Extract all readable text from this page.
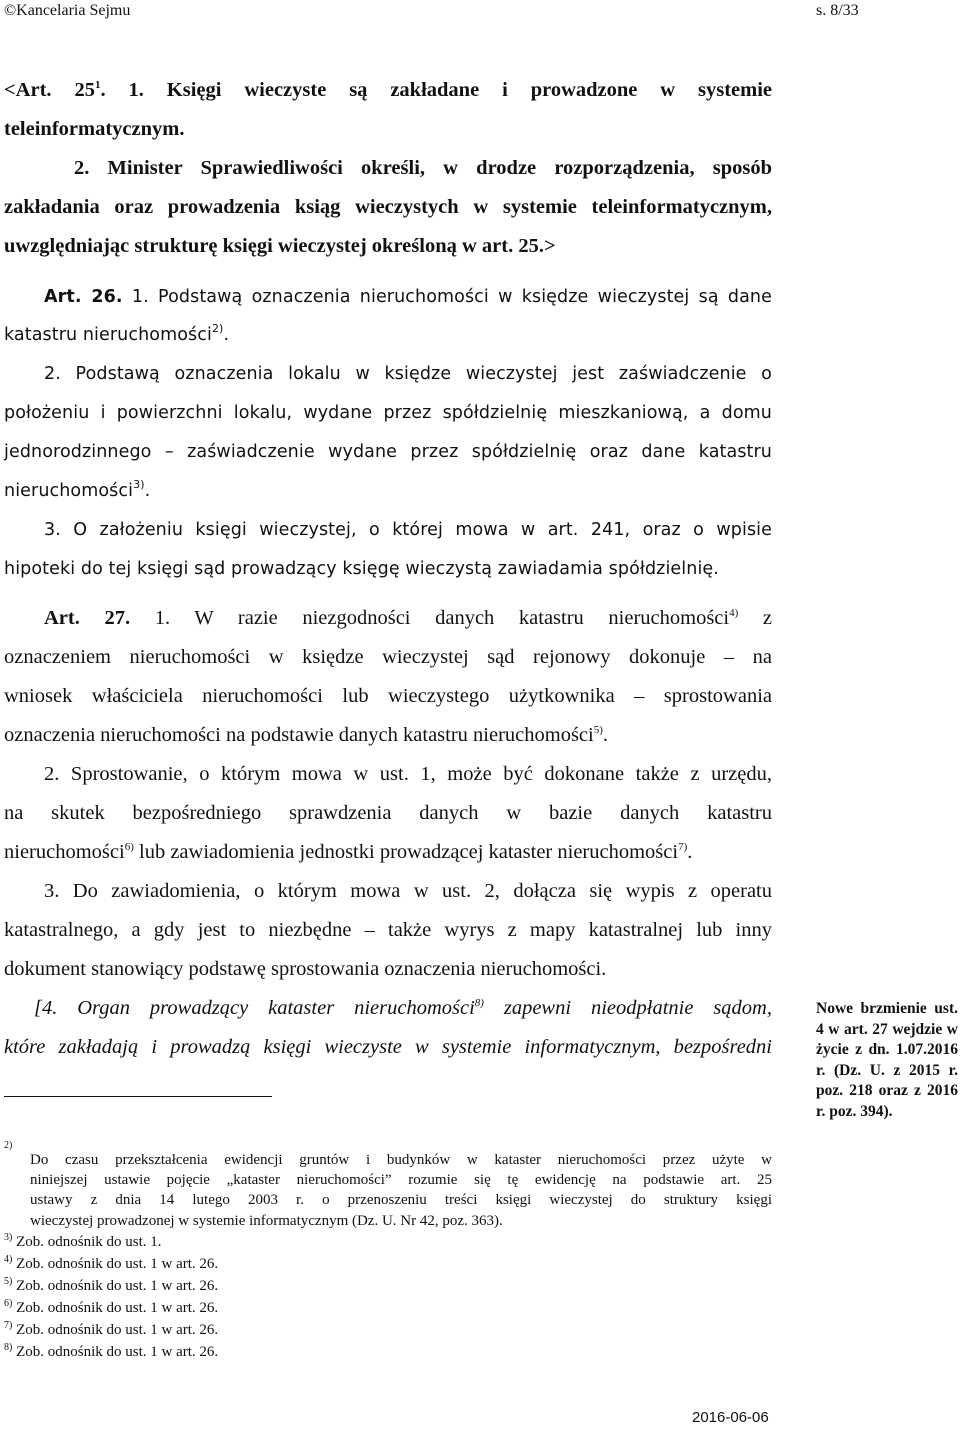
©Kancelaria Sejmu	s. 8/33
<Art. $25^1$. 1. Księgi wieczyste są zakładane i prowadzone w systemie
teleinformatycznym.
2. Minister Sprawiedliwości określi, w drodze rozporządzenia, sposób
zakładania oraz prowadzenia ksiąg wieczystych w systemie teleinformatycznym,
uwzględniając strukturę księgi wieczystej określoną w art. 25.>
Art. 26. 1. Podstawą oznaczenia nieruchomości w księdze wieczystej są dane
katastru nieruchomości$^{2)}$.
2. Podstawą oznaczenia lokalu w księdze wieczystej jest zaświadczenie o
położeniu i powierzchni lokalu, wydane przez spółdzielnię mieszkaniową, a domu
jednorodzinnego – zaświadczenie wydane przez spółdzielnię oraz dane katastru
nieruchomości$^{3)}$.
3. O założeniu księgi wieczystej, o której mowa w art. 241, oraz o wpisie
hipoteki do tej księgi sąd prowadzący księgę wieczystą zawiadamia spółdzielnię.
Art. 27. 1. W razie niezgodności danych katastru nieruchomości$^{4)}$ z
oznaczeniem nieruchomości w księdze wieczystej sąd rejonowy dokonuje – na
wniosek właściciela nieruchomości lub wieczystego użytkownika – sprostowania
oznaczenia nieruchomości na podstawie danych katastru nieruchomości$^{5)}$.
2. Sprostowanie, o którym mowa w ust. 1, może być dokonane także z urzędu,
na skutek bezpośredniego sprawdzenia danych w bazie danych katastru
nieruchomości$^{6)}$ lub zawiadomienia jednostki prowadzącej kataster nieruchomości$^{7)}$.
3. Do zawiadomienia, o którym mowa w ust. 2, dołącza się wypis z operatu
katastralnego, a gdy jest to niezbędne – także wyrys z mapy katastralnej lub inny
dokument stanowiący podstawę sprostowania oznaczenia nieruchomości.
[4. Organ prowadzący kataster nieruchomości$^{8)}$ zapewni nieodpłatnie sądom,
które zakładają i prowadzą księgi wieczyste w systemie informatycznym, bezpośredni
Nowe brzmienie ust. 4 w art. 27 wejdzie w życie z dn. 1.07.2016 r. (Dz. U. z 2015 r. poz. 218 oraz z 2016 r. poz. 394).
$^{2)}$
Do czasu przekształcenia ewidencji gruntów i budynków w kataster nieruchomości przez użyte w
niniejszej ustawie pojęcie „kataster nieruchomości” rozumie się tę ewidencję na podstawie art. 25
ustawy z dnia 14 lutego 2003 r. o przenoszeniu treści księgi wieczystej do struktury księgi
wieczystej prowadzonej w systemie informatycznym (Dz. U. Nr 42, poz. 363).
$^{3)}$ Zob. odnośnik do ust. 1.
$^{4)}$ Zob. odnośnik do ust. 1 w art. 26.
$^{5)}$ Zob. odnośnik do ust. 1 w art. 26.
$^{6)}$ Zob. odnośnik do ust. 1 w art. 26.
$^{7)}$ Zob. odnośnik do ust. 1 w art. 26.
$^{8)}$ Zob. odnośnik do ust. 1 w art. 26.
2016-06-06
